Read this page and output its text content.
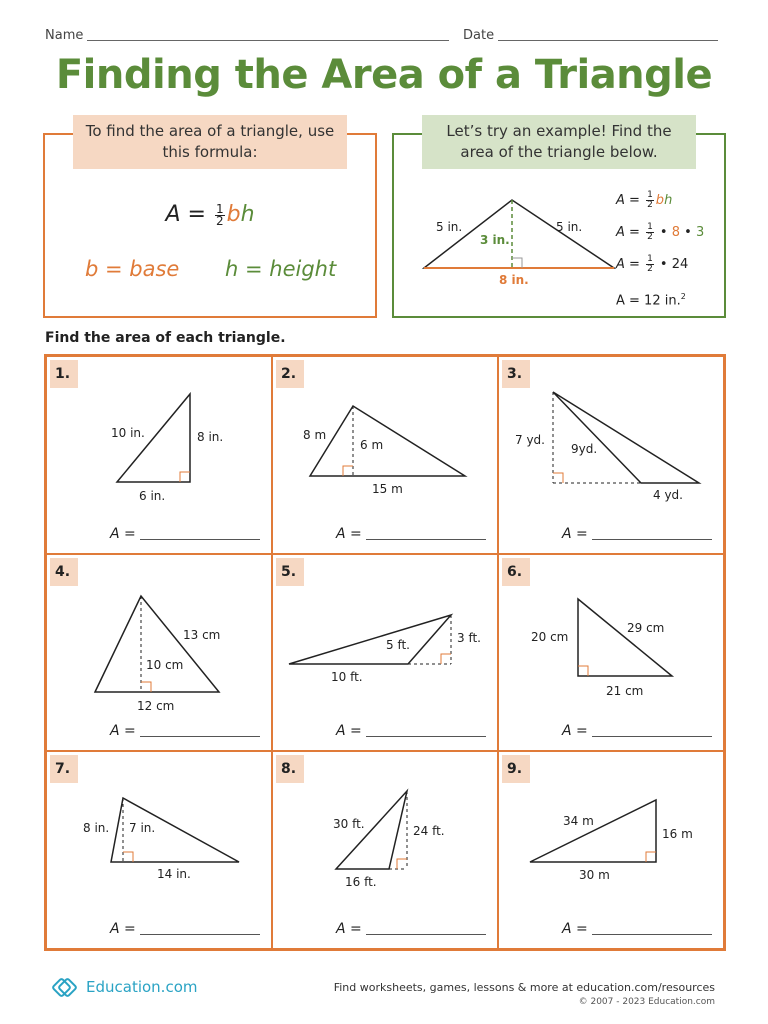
Name	Date
Finding the Area of a Triangle
To find the area of a triangle, use this formula:
$A = \frac{1}{2}$ bh
b = base h = height
Let’s try an example! Find the area of the triangle below.
5 in.	5 in.
3 in.
8 in.
$A = \frac{1}{2}$ bh
$A = \frac{1}{2}$ • 8 • 3
$A = \frac{1}{2}$ • 24
A = 12 in.$^2$
Find the area of each triangle.
1.
10 in.	8 in.
6 in.
A =
2.
8 m
6 m
15 m
A =
3.
7 yd.
9yd.
4 yd.
A =
4.
13 cm
10 cm
12 cm
A =
5.
5 ft.	3 ft.
10 ft.
A =
6.
20 cm
29 cm
21 cm
A =
7.
8 in. 7 in.
14 in.
A =
8.
30 ft.	24 ft.
16 ft.
A =
9.
34 m
16 m
30 m
A =
Education.com	Find worksheets, games, lessons & more at education.com/resources
© 2007 - 2023 Education.com
